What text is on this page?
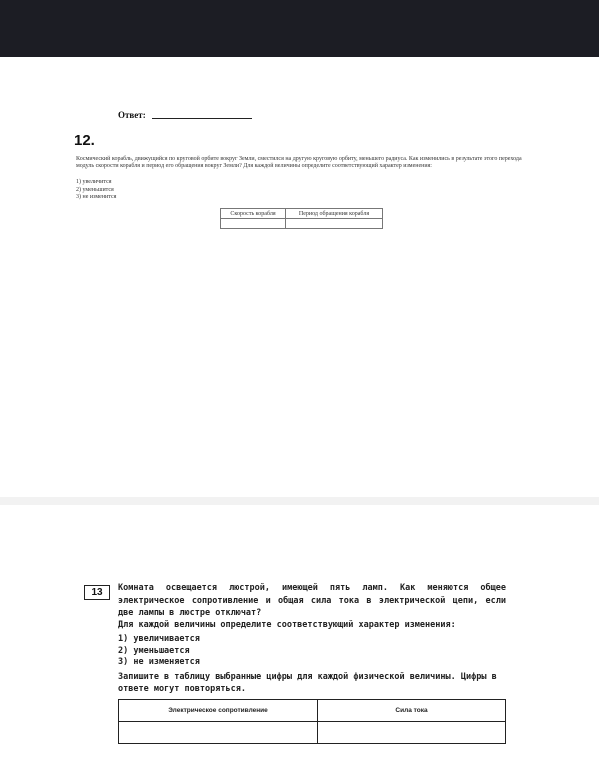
Ответ:
12.
Космический корабль, движущийся по круговой орбите вокруг Земли, сместился на другую круговую орбиту, меньшего радиуса. Как изменились в результате этого перехода модуль скорости корабля и период его обращения вокруг Земли? Для каждой величины определите соответствующий характер изменения:
1) увеличится
2) уменьшится
3) не изменится
Скорость корабля	Период обращения корабля

13	Комната освещается люстрой, имеющей пять ламп. Как меняются общее электрическое сопротивление и общая сила тока в электрической цепи, если две лампы в люстре отключат?
Для каждой величины определите соответствующий характер изменения:
1) увеличивается
2) уменьшается
3) не изменяется
Запишите в таблицу выбранные цифры для каждой физической величины. Цифры в ответе могут повторяться.
Электрическое сопротивление	Сила тока
